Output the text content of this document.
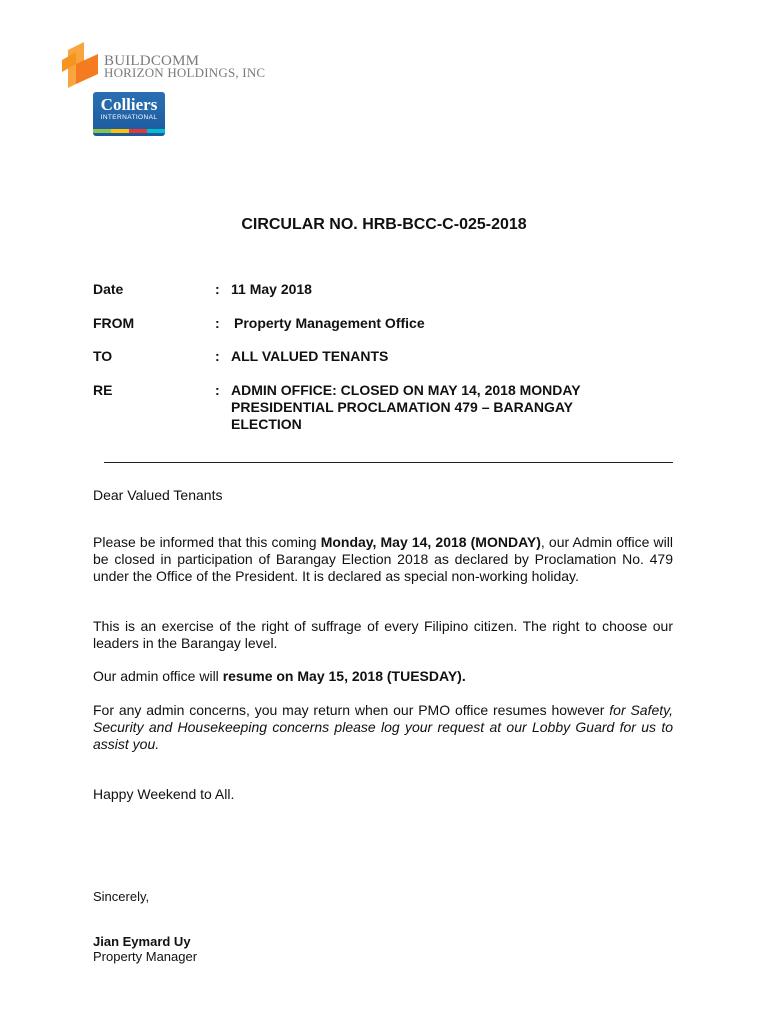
BUILDCOMM
HORIZON HOLDINGS, INC
Colliers
INTERNATIONAL
CIRCULAR NO. HRB-BCC-C-025-2018
Date	: 11 May 2018
FROM	: Property Management Office
TO	: ALL VALUED TENANTS
RE	: ADMIN OFFICE: CLOSED ON MAY 14, 2018 MONDAY
PRESIDENTIAL PROCLAMATION 479 – BARANGAY
ELECTION
Dear Valued Tenants
Please be informed that this coming Monday, May 14, 2018 (MONDAY), our Admin office will be closed in participation of Barangay Election 2018 as declared by Proclamation No. 479 under the Office of the President. It is declared as special non-working holiday.
This is an exercise of the right of suffrage of every Filipino citizen. The right to choose our leaders in the Barangay level.
Our admin office will resume on May 15, 2018 (TUESDAY).
For any admin concerns, you may return when our PMO office resumes however for Safety, Security and Housekeeping concerns please log your request at our Lobby Guard for us to assist you.
Happy Weekend to All.
Sincerely,
Jian Eymard Uy
Property Manager
